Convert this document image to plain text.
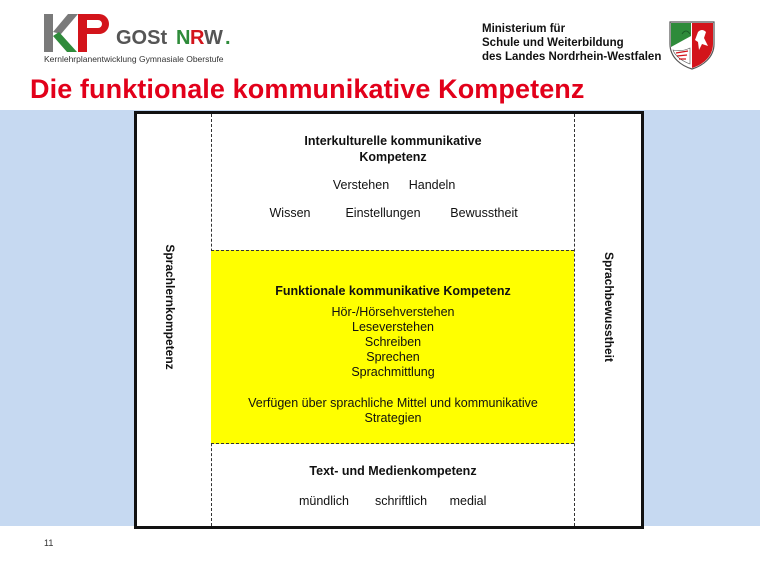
GOSt N R W .
Kernlehrplanentwicklung Gymnasiale Oberstufe
Ministerium für
Schule und Weiterbildung
des Landes Nordrhein-Westfalen
Die funktionale kommunikative Kompetenz
Interkulturelle kommunikative
Kompetenz
Verstehen Handeln
Wissen	Einstellungen Bewusstheit
Funktionale kommunikative Kompetenz
Hör-/Hörsehverstehen
Leseverstehen
Schreiben
Sprechen
Sprachmittlung
Verfügen über sprachliche Mittel und kommunikative
Strategien
Text- und Medienkompetenz
mündlich schriftlich medial
Sprachlernkompetenz	Sprachbewusstheit
11
